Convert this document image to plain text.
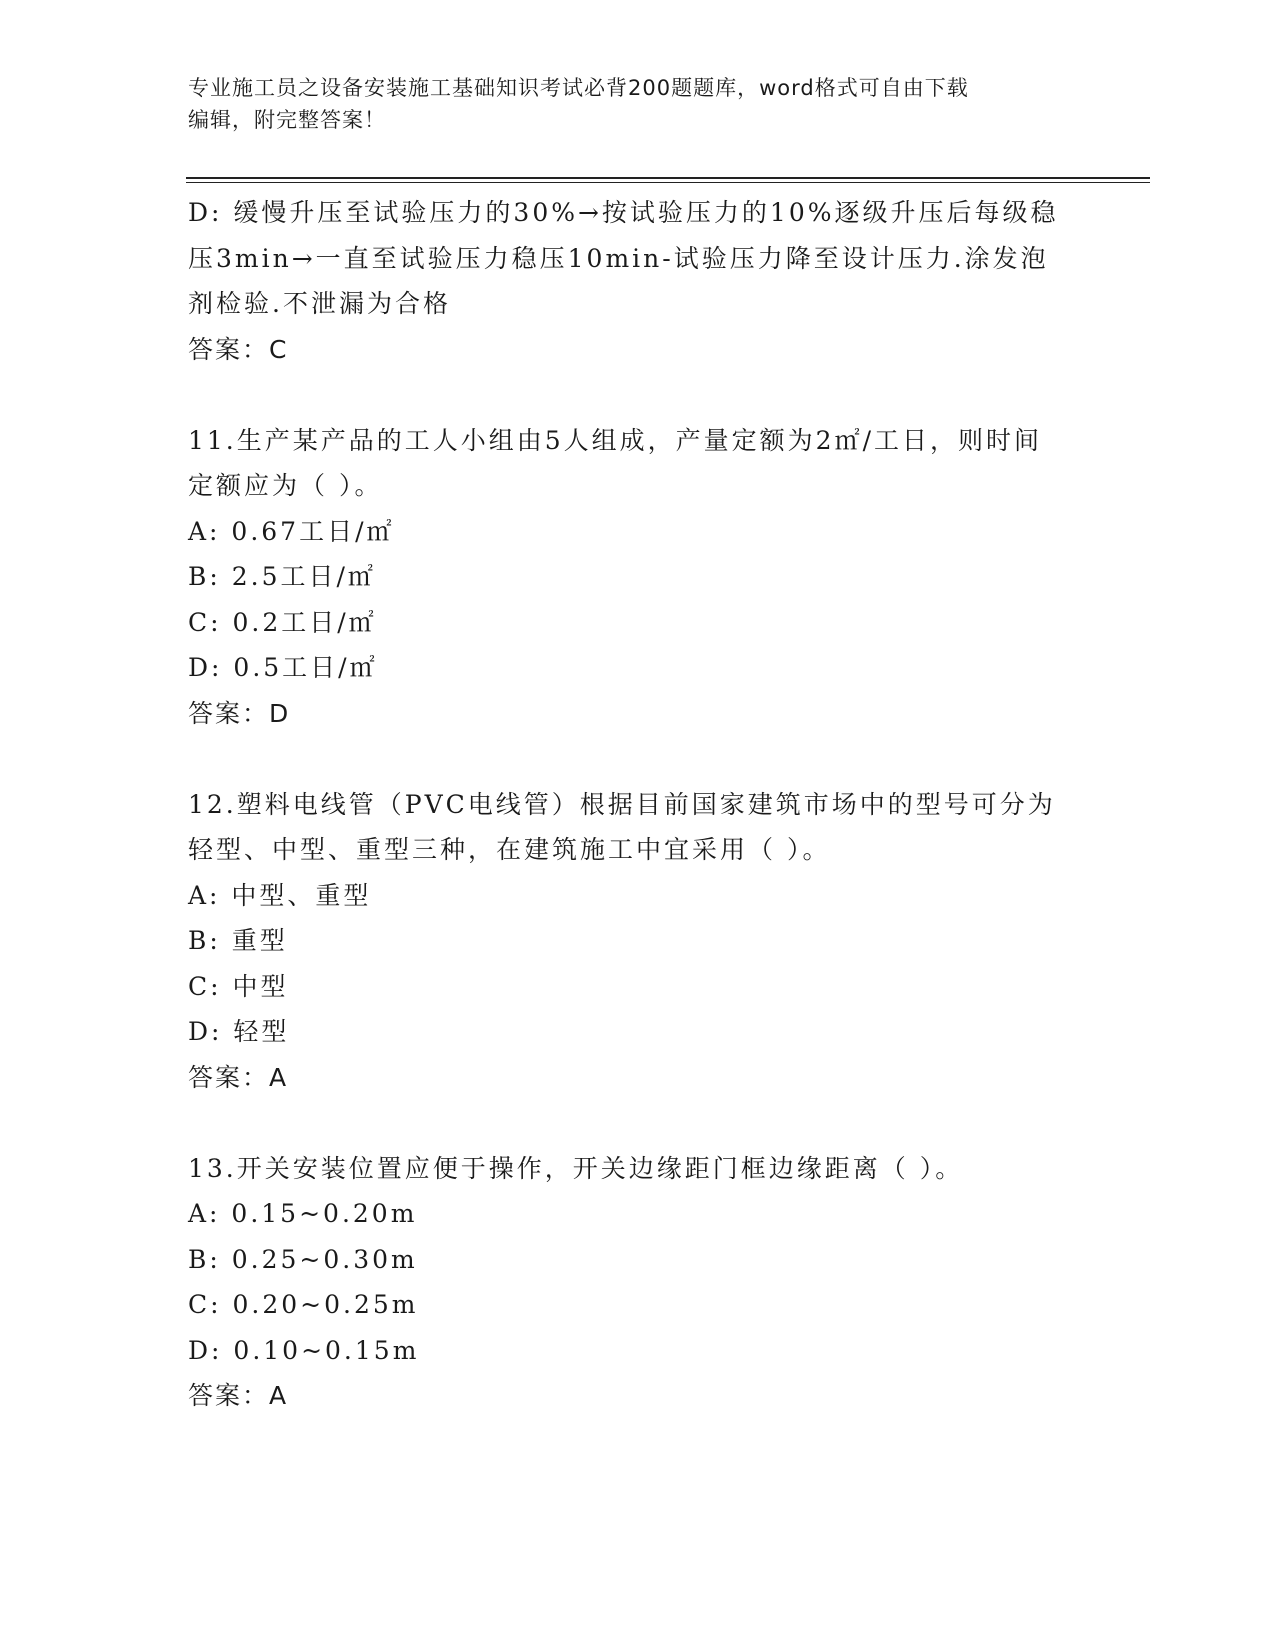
专业施工员之设备安装施工基础知识考试必背200题题库，word格式可自由下载
编辑，附完整答案！
D: 缓慢升压至试验压力的30%→按试验压力的10%逐级升压后每级稳
压3min→一直至试验压力稳压10min-试验压力降至设计压力.涂发泡
剂检验.不泄漏为合格
答案：C
11.生产某产品的工人小组由5人组成，产量定额为2㎡/工日，则时间
定额应为（ ）。
A: 0.67工日/㎡
B: 2.5工日/㎡
C: 0.2工日/㎡
D: 0.5工日/㎡
答案：D
12.塑料电线管（PVC电线管）根据目前国家建筑市场中的型号可分为
轻型、中型、重型三种，在建筑施工中宜采用（ ）。
A: 中型、重型
B: 重型
C: 中型
D: 轻型
答案：A
13.开关安装位置应便于操作，开关边缘距门框边缘距离（ ）。
A: 0.15~0.20m
B: 0.25~0.30m
C: 0.20~0.25m
D: 0.10~0.15m
答案：A
